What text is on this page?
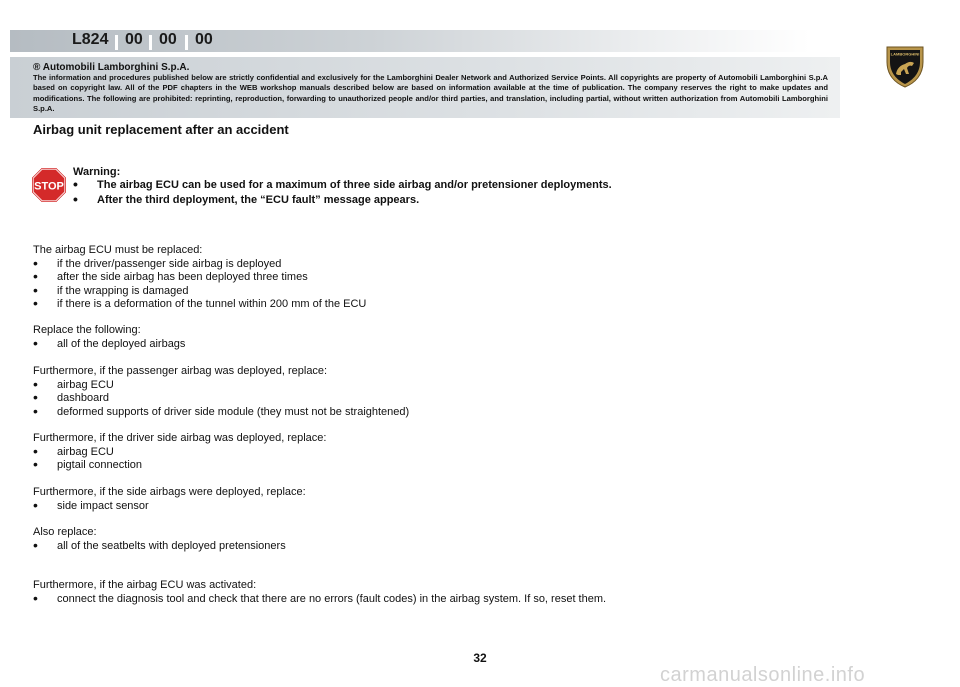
L824 00 00 00
LAMBORGHINI
® Automobili Lamborghini S.p.A.
The information and procedures published below are strictly confidential and exclusively for the Lamborghini Dealer Network and Authorized Service Points. All copyrights are property of Automobili Lamborghini S.p.A based on copyright law. All of the PDF chapters in the WEB workshop manuals described below are based on information available at the time of publication. The company reserves the right to make updates and modifications. The following are prohibited: reprinting, reproduction, forwarding to unauthorized people and/or third parties, and translation, including partial, without written authorization from Automobili Lamborghini S.p.A.
Airbag unit replacement after an accident
STOP
Warning:
• The airbag ECU can be used for a maximum of three side airbag and/or pretensioner deployments.
• After the third deployment, the “ECU fault” message appears.
The airbag ECU must be replaced:
• if the driver/passenger side airbag is deployed
• after the side airbag has been deployed three times
• if the wrapping is damaged
• if there is a deformation of the tunnel within 200 mm of the ECU
Replace the following:
• all of the deployed airbags
Furthermore, if the passenger airbag was deployed, replace:
• airbag ECU
• dashboard
• deformed supports of driver side module (they must not be straightened)
Furthermore, if the driver side airbag was deployed, replace:
• airbag ECU
• pigtail connection
Furthermore, if the side airbags were deployed, replace:
• side impact sensor
Also replace:
• all of the seatbelts with deployed pretensioners
Furthermore, if the airbag ECU was activated:
• connect the diagnosis tool and check that there are no errors (fault codes) in the airbag system. If so, reset them.
32
carmanualsonline.info
